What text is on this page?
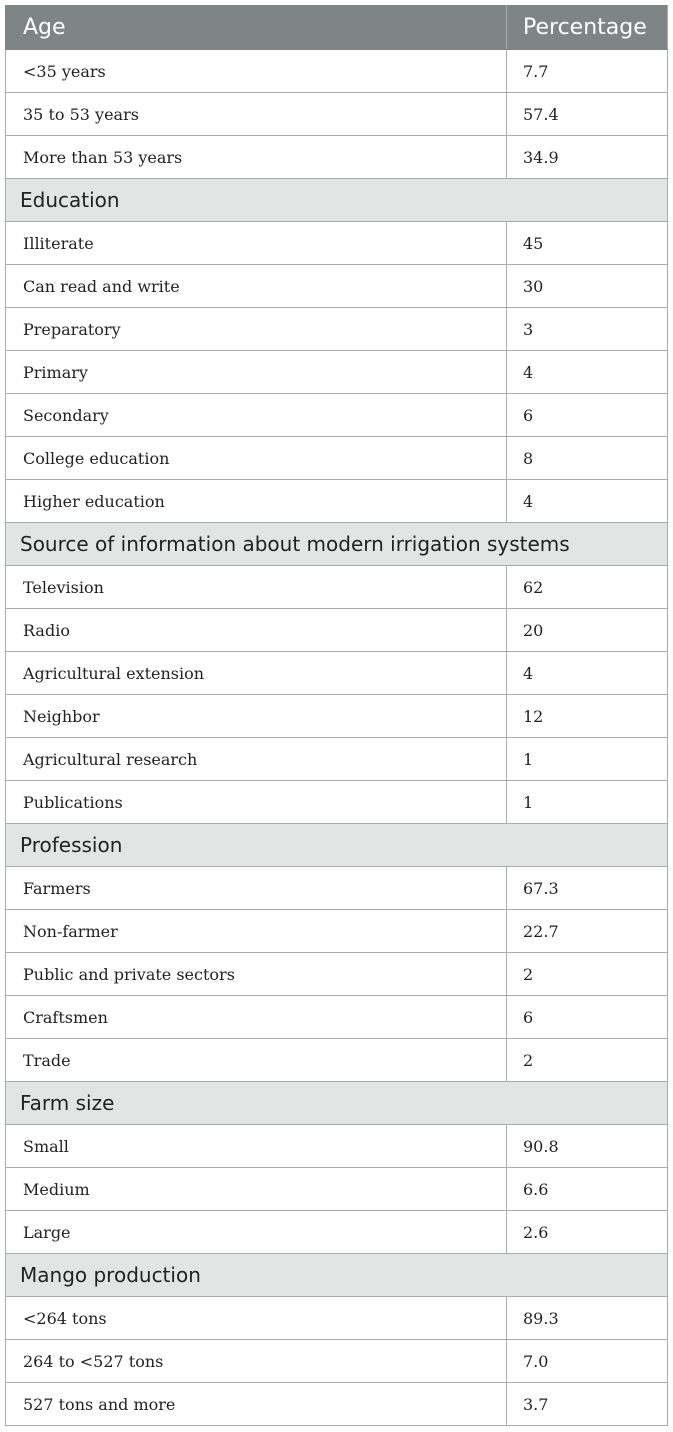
Age	Percentage
<35 years	7.7
35 to 53 years	57.4
More than 53 years	34.9
Education	
Illiterate	45
Can read and write	30
Preparatory	3
Primary	4
Secondary	6
College education	8
Higher education	4
Source of information about modern irrigation systems	
Television	62
Radio	20
Agricultural extension	4
Neighbor	12
Agricultural research	1
Publications	1
Profession	
Farmers	67.3
Non-farmer	22.7
Public and private sectors	2
Craftsmen	6
Trade	2
Farm size	
Small	90.8
Medium	6.6
Large	2.6
Mango production	
<264 tons	89.3
264 to <527 tons	7.0
527 tons and more	3.7
